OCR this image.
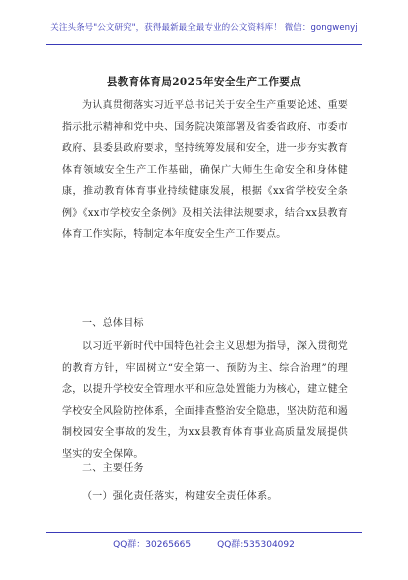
关注头条号"公文研究"，获得最新最全最专业的公文资料库！ 微信：gongwenyj
县教育体育局2025年安全生产工作要点
为认真贯彻落实习近平总书记关于安全生产重要论述、重要指示批示精神和党中央、国务院决策部署及省委省政府、市委市政府、县委县政府要求，坚持统筹发展和安全，进一步夯实教育体育领域安全生产工作基础，确保广大师生生命安全和身体健康，推动教育体育事业持续健康发展，根据《xx省学校安全条例》《xx市学校安全条例》及相关法律法规要求，结合xx县教育体育工作实际，特制定本年度安全生产工作要点。
一、总体目标
以习近平新时代中国特色社会主义思想为指导，深入贯彻党的教育方针，牢固树立“安全第一、预防为主、综合治理”的理念，以提升学校安全管理水平和应急处置能力为核心，建立健全学校安全风险防控体系，全面排查整治安全隐患，坚决防范和遏制校园安全事故的发生，为xx县教育体育事业高质量发展提供坚实的安全保障。
二、主要任务
（一）强化责任落实，构建安全责任体系。
QQ群：30265665	QQ群:535304092
